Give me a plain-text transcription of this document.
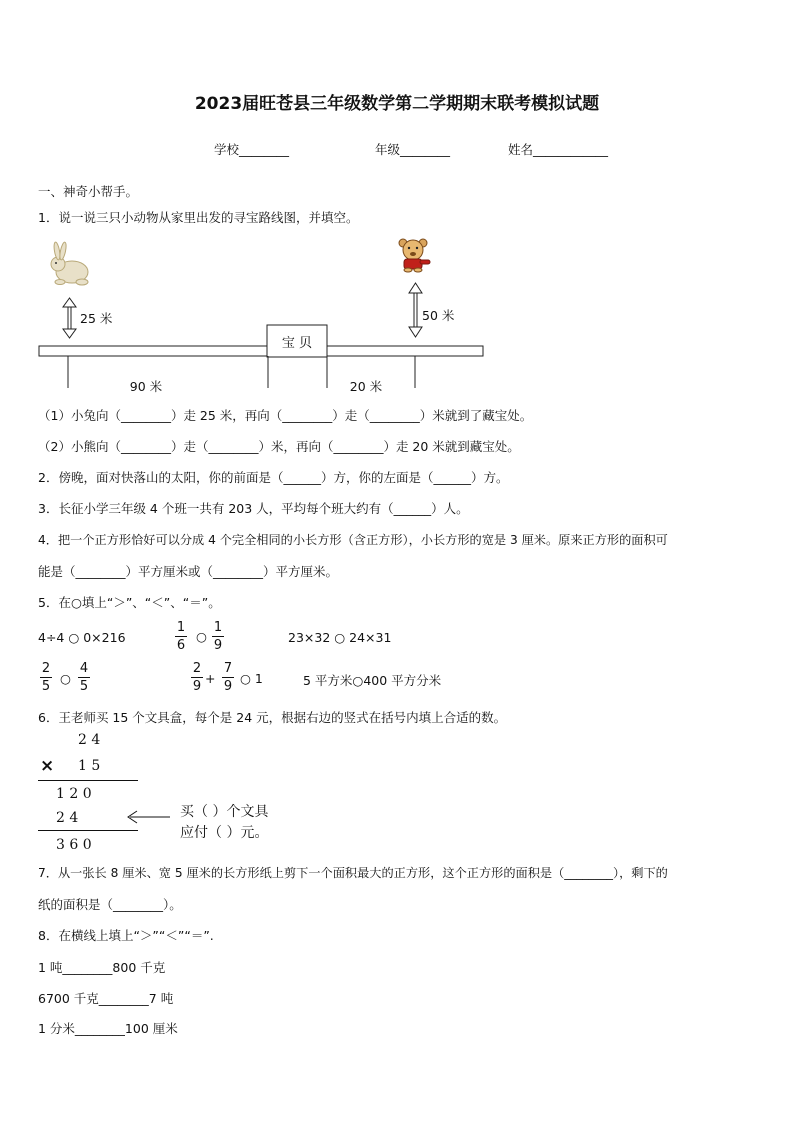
2023届旺苍县三年级数学第二学期期末联考模拟试题
学校________	年级________	姓名____________
一、神奇小帮手。
1．说一说三只小动物从家里出发的寻宝路线图，并填空。
25 米	50 米
宝 贝
90 米	20 米
（1）小兔向（________）走 25 米，再向（________）走（________）米就到了藏宝处。
（2）小熊向（________）走（________）米，再向（________）走 20 米就到藏宝处。
2．傍晚，面对快落山的太阳，你的前面是（______）方，你的左面是（______）方。
3．长征小学三年级 4 个班一共有 203 人，平均每个班大约有（______）人。
4．把一个正方形恰好可以分成 4 个完全相同的小长方形（含正方形），小长方形的宽是 3 厘米。原来正方形的面积可
能是（________）平方厘米或（________）平方厘米。
5．在○填上“＞”、“＜”、“＝”。
4÷4 ○ 0×216
1
6
○
1
9
23×32 ○ 24×31
2
5
○
4
5
2
9
+
7
9
○ 1	5 平方米○400 平方分米
6．王老师买 15 个文具盒，每个是 24 元，根据右边的竖式在括号内填上合适的数。
2 4
× 1 5
1 2 0
2 4
3 6 0
买（ ）个文具
应付（ ）元。
7．从一张长 8 厘米、宽 5 厘米的长方形纸上剪下一个面积最大的正方形，这个正方形的面积是（________），剩下的
纸的面积是（________）。
8．在横线上填上“＞”“＜”“＝”.
1 吨________800 千克
6700 千克________7 吨
1 分米________100 厘米
